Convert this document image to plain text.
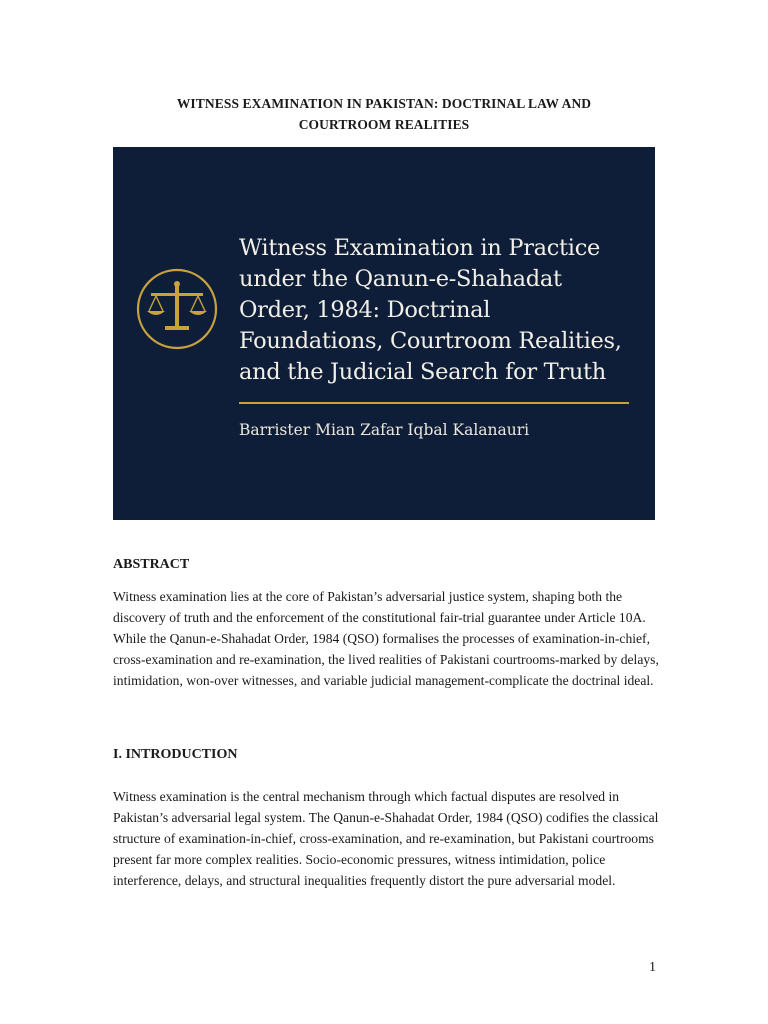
WITNESS EXAMINATION IN PAKISTAN: DOCTRINAL LAW AND
COURTROOM REALITIES
Witness Examination in Practice under the Qanun-e-Shahadat Order, 1984: Doctrinal Foundations, Courtroom Realities, and the Judicial Search for Truth
Barrister Mian Zafar Iqbal Kalanauri
ABSTRACT
Witness examination lies at the core of Pakistan’s adversarial justice system, shaping both the discovery of truth and the enforcement of the constitutional fair-trial guarantee under Article 10A. While the Qanun-e-Shahadat Order, 1984 (QSO) formalises the processes of examination-in-chief, cross-examination and re-examination, the lived realities of Pakistani courtrooms-marked by delays, intimidation, won-over witnesses, and variable judicial management-complicate the doctrinal ideal.
I. INTRODUCTION
Witness examination is the central mechanism through which factual disputes are resolved in Pakistan’s adversarial legal system. The Qanun-e-Shahadat Order, 1984 (QSO) codifies the classical structure of examination-in-chief, cross-examination, and re-examination, but Pakistani courtrooms present far more complex realities. Socio-economic pressures, witness intimidation, police interference, delays, and structural inequalities frequently distort the pure adversarial model.
1
